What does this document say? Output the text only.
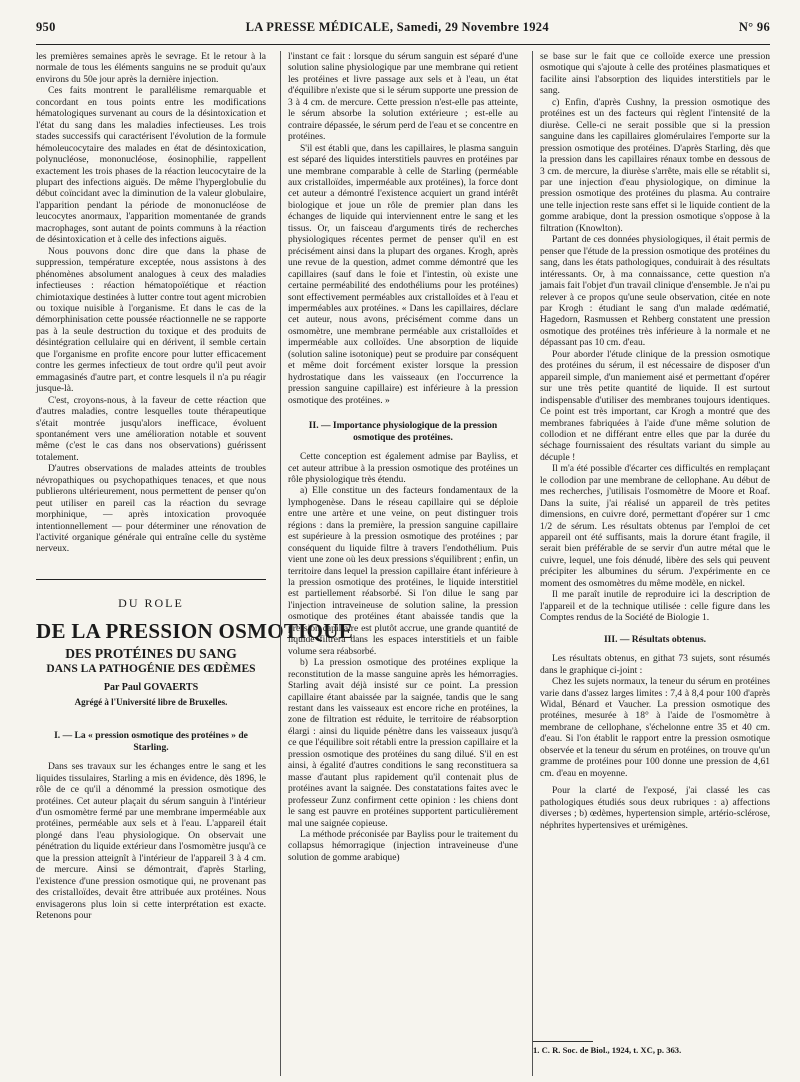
950	LA PRESSE MÉDICALE, Samedi, 29 Novembre 1924	N° 96

les premières semaines après le sevrage. Et le retour à la normale de tous les éléments sanguins ne se produit qu'aux environs du 50e jour après la dernière injection.

Ces faits montrent le parallélisme remarquable et concordant en tous points entre les modifications hématologiques survenant au cours de la désintoxication et l'état du sang dans les maladies infectieuses. Les trois stades successifs qui caractérisent l'évolution de la formule hémoleucocytaire des malades en état de désintoxication, polynucléose, mononucléose, éosinophilie, rappellent exactement les trois phases de la réaction leucocytaire de la plupart des infections aiguës. De même l'hyperglobulie du début coïncidant avec la diminution de la valeur globulaire, l'apparition pendant la période de mononucléose de leucocytes anormaux, l'apparition momentanée de grands macrophages, sont autant de points communs à la réaction de désintoxication et à celle des infections aiguës.

Nous pouvons donc dire que dans la phase de suppression, température exceptée, nous assistons à des phénomènes absolument analogues à ceux des maladies infectieuses : réaction hématopoïétique et réaction chimiotaxique destinées à lutter contre tout agent microbien ou toxique nuisible à l'organisme. Et dans le cas de la démorphinisation cette poussée réactionnelle ne se rapporte pas à la seule destruction du toxique et des produits de désintégration cellulaire qui en dérivent, il semble certain que l'organisme en profite encore pour lutter efficacement contre les germes infectieux de tout ordre qu'il peut avoir emmagasinés d'autre part, et contre lesquels il n'a pu réagir jusque-là.

C'est, croyons-nous, à la faveur de cette réaction que d'autres maladies, contre lesquelles toute thérapeutique s'était montrée jusqu'alors inefficace, évoluent spontanément vers une amélioration notable et souvent même (c'est le cas dans nos observations) guérissent totalement.

D'autres observations de malades atteints de troubles névropathiques ou psychopathiques tenaces, et que nous publierons ultérieurement, nous permettent de penser qu'on peut utiliser en pareil cas la réaction du sevrage morphinique, — après intoxication provoquée intentionnellement — pour déterminer une rénovation de l'activité organique générale qui entraîne celle du système nerveux.

DU ROLE
DE LA PRESSION OSMOTIQUE
DES PROTÉINES DU SANG
DANS LA PATHOGÉNIE DES ŒDÈMES
Par Paul GOVAERTS
Agrégé à l'Université libre de Bruxelles.
I. — La « pression osmotique des protéines » de Starling.

Dans ses travaux sur les échanges entre le sang et les liquides tissulaires, Starling a mis en évidence, dès 1896, le rôle de ce qu'il a dénommé la pression osmotique des protéines. Cet auteur plaçait du sérum sanguin à l'intérieur d'un osmomètre fermé par une membrane imperméable aux protéines, perméable aux sels et à l'eau. L'appareil était plongé dans l'eau physiologique. On observait une pénétration du liquide extérieur dans l'osmomètre jusqu'à ce que la pression atteignît à l'intérieur de l'appareil 3 à 4 cm. de mercure. Ainsi se démontrait, d'après Starling, l'existence d'une pression osmotique qui, ne provenant pas des cristalloïdes, devait être attribuée aux protéines. Nous envisagerons plus loin si cette interprétation est exacte. Retenons pour

l'instant ce fait : lorsque du sérum sanguin est séparé d'une solution saline physiologique par une membrane qui retient les protéines et livre passage aux sels et à l'eau, un état d'équilibre n'existe que si le sérum supporte une pression de 3 à 4 cm. de mercure. Cette pression n'est-elle pas atteinte, le sérum absorbe la solution extérieure ; est-elle au contraire dépassée, le sérum perd de l'eau et se concentre en protéines.

S'il est établi que, dans les capillaires, le plasma sanguin est séparé des liquides interstitiels pauvres en protéines par une membrane comparable à celle de Starling (perméable aux cristalloïdes, imperméable aux protéines), la force dont cet auteur a démontré l'existence acquiert un grand intérêt biologique et joue un rôle de premier plan dans les échanges de liquide qui interviennent entre le sang et les tissus. Or, un faisceau d'arguments tirés de recherches physiologiques récentes permet de penser qu'il en est précisément ainsi dans la plupart des organes. Krogh, après une revue de la question, admet comme démontré que les capillaires (sauf dans le foie et l'intestin, où existe une certaine perméabilité des endothéliums pour les protéines) sont effectivement perméables aux cristalloïdes et à l'eau et imperméables aux protéines. « Dans les capillaires, déclare cet auteur, nous avons, précisément comme dans un osmomètre, une membrane perméable aux cristalloïdes et imperméable aux colloïdes. Une absorption de liquide (solution saline isotonique) peut se produire par conséquent et même doit forcément exister lorsque la pression hydrostatique dans les vaisseaux (en l'occurrence la pression sanguine capillaire) est inférieure à la pression osmotique des protéines. »

II. — Importance physiologique de la pression osmotique des protéines.

Cette conception est également admise par Bayliss, et cet auteur attribue à la pression osmotique des protéines un rôle physiologique très étendu.

a) Elle constitue un des facteurs fondamentaux de la lymphogenèse. Dans le réseau capillaire qui se déploie entre une artère et une veine, on peut distinguer trois régions : dans la première, la pression sanguine capillaire est supérieure à la pression osmotique des protéines ; par conséquent du liquide filtre à travers l'endothélium. Puis vient une zone où les deux pressions s'équilibrent ; enfin, un territoire dans lequel la pression capillaire étant inférieure à la pression osmotique des protéines, le liquide interstitiel est partiellement réabsorbé. Si l'on dilue le sang par l'injection intraveineuse de solution saline, la pression osmotique des protéines étant abaissée tandis que la pression capillaire est plutôt accrue, une grande quantité de liquide filtrera dans les espaces interstitiels et un faible volume sera réabsorbé.

b) La pression osmotique des protéines explique la reconstitution de la masse sanguine après les hémorragies. Starling avait déjà insisté sur ce point. La pression capillaire étant abaissée par la saignée, tandis que le sang restant dans les vaisseaux est encore riche en protéines, la zone de filtration est réduite, le territoire de réabsorption élargi : ainsi du liquide pénètre dans les vaisseaux jusqu'à ce que l'équilibre soit rétabli entre la pression capillaire et la pression osmotique des protéines du sang dilué. S'il en est ainsi, à égalité d'autres conditions le sang reconstituera sa masse d'autant plus rapidement qu'il contenait plus de protéines avant la saignée. Des constatations faites avec le professeur Zunz confirment cette opinion : les chiens dont le sang est pauvre en protéines supportent particulièrement mal une saignée copieuse.

La méthode préconisée par Bayliss pour le traitement du collapsus hémorragique (injection intraveineuse d'une solution de gomme arabique)

se base sur le fait que ce colloïde exerce une pression osmotique qui s'ajoute à celle des protéines plasmatiques et facilite ainsi l'absorption des liquides interstitiels par le sang.

c) Enfin, d'après Cushny, la pression osmotique des protéines est un des facteurs qui règlent l'intensité de la diurèse. Celle-ci ne serait possible que si la pression sanguine dans les capillaires glomérulaires l'emporte sur la pression osmotique des protéines. D'après Starling, dès que la pression dans les capillaires rénaux tombe en dessous de 3 cm. de mercure, la diurèse s'arrête, mais elle se rétablit si, par une injection d'eau physiologique, on diminue la pression osmotique des protéines du plasma. Au contraire une telle injection reste sans effet si le liquide contient de la gomme arabique, dont la pression osmotique s'oppose à la filtration (Knowlton).

Partant de ces données physiologiques, il était permis de penser que l'étude de la pression osmotique des protéines du sang, dans les états pathologiques, conduirait à des résultats intéressants. Or, à ma connaissance, cette question n'a jamais fait l'objet d'un travail clinique d'ensemble. Je n'ai pu relever à ce propos qu'une seule observation, citée en note par Krogh : étudiant le sang d'un malade œdématié, Hagedorn, Rasmussen et Rehberg constatent une pression osmotique des protéines très inférieure à la normale et ne dépassant pas 10 cm. d'eau.

Pour aborder l'étude clinique de la pression osmotique des protéines du sérum, il est nécessaire de disposer d'un appareil simple, d'un maniement aisé et permettant d'opérer sur une très petite quantité de liquide. Il est surtout indispensable d'utiliser des membranes toujours identiques. Ce point est très important, car Krogh a montré que des membranes fabriquées à l'aide d'une même solution de collodion et ne différant entre elles que par la durée du séchage fournissaient des résultats variant du simple au décuple !

Il m'a été possible d'écarter ces difficultés en remplaçant le collodion par une membrane de cellophane. Au début de mes recherches, j'utilisais l'osmomètre de Moore et Roaf. Dans la suite, j'ai réalisé un appareil de très petites dimensions, en cuivre doré, permettant d'opérer sur 1 cmc 1/2 de sérum. Les résultats obtenus par l'emploi de cet appareil ont été suffisants, mais la dorure étant fragile, il serait bien préférable de se servir d'un autre métal que le cuivre, lequel, une fois dénudé, libère des sels qui peuvent précipiter les albumines du sérum. J'expérimente en ce moment des osmomètres du même modèle, en nickel.

Il me paraît inutile de reproduire ici la description de l'appareil et de la technique utilisée : celle figure dans les Comptes rendus de la Société de Biologie 1.

III. — Résultats obtenus.

Les résultats obtenus, en githat 73 sujets, sont résumés dans le graphique ci-joint :

Chez les sujets normaux, la teneur du sérum en protéines varie dans d'assez larges limites : 7,4 à 8,4 pour 100 d'après Widal, Bénard et Vaucher. La pression osmotique des protéines, mesurée à 18° à l'aide de l'osmomètre à membrane de cellophane, s'échelonne entre 35 et 40 cm. d'eau. Si l'on établit le rapport entre la pression osmotique observée et la teneur du sérum en protéines, on trouve qu'un gramme de protéines pour 100 donne une pression de 4,61 cm. d'eau en moyenne.

Pour la clarté de l'exposé, j'ai classé les cas pathologiques étudiés sous deux rubriques : a) affections diverses ; b) œdèmes, hypertension simple, artério-sclérose, néphrites hypertensives et urémigènes.

1. C. R. Soc. de Biol., 1924, t. XC, p. 363.
